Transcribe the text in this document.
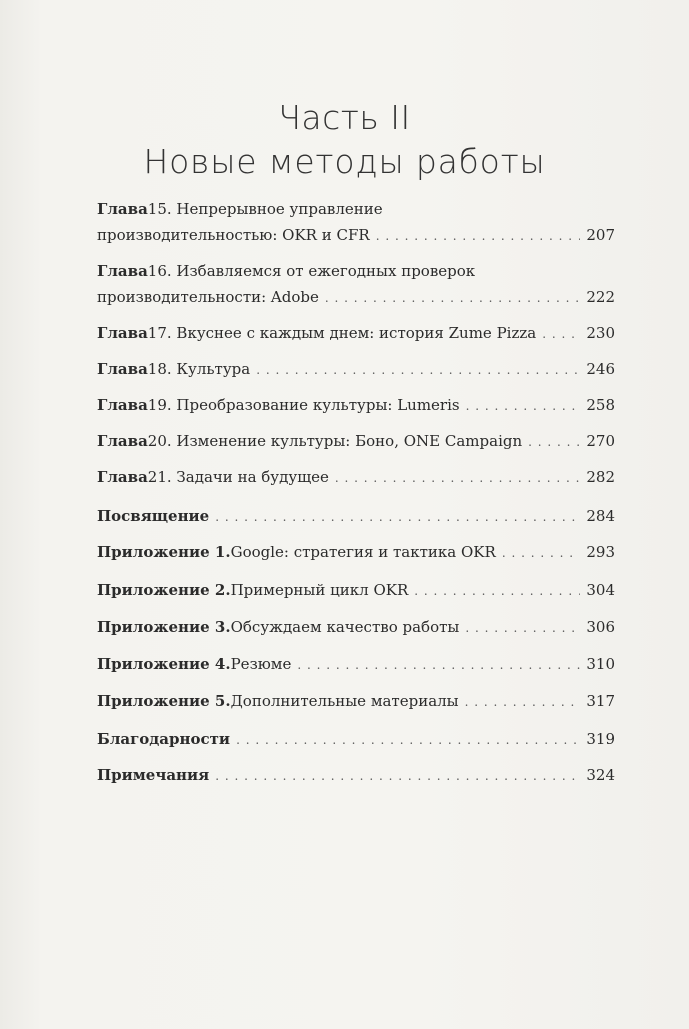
Часть II
Новые методы работы
Глава 15. Непрерывное управление
производительностью: OKR и CFR . . .	207
Глава 16. Избавляемся от ежегодных проверок
производительности: Adobe . . .	222
Глава 17. Вкуснее с каждым днем: история Zume Pizza . . .	230
Глава 18. Культура . . .	246
Глава 19. Преобразование культуры: Lumeris . . .	258
Глава 20. Изменение культуры: Боно, ONE Campaign . . .	270
Глава 21. Задачи на будущее . . .	282
Посвящение . . .	284
Приложение 1. Google: стратегия и тактика OKR . . .	293
Приложение 2. Примерный цикл OKR . . .	304
Приложение 3. Обсуждаем качество работы . . .	306
Приложение 4. Резюме . . .	310
Приложение 5. Дополнительные материалы . . .	317
Благодарности . . .	319
Примечания . . .	324
